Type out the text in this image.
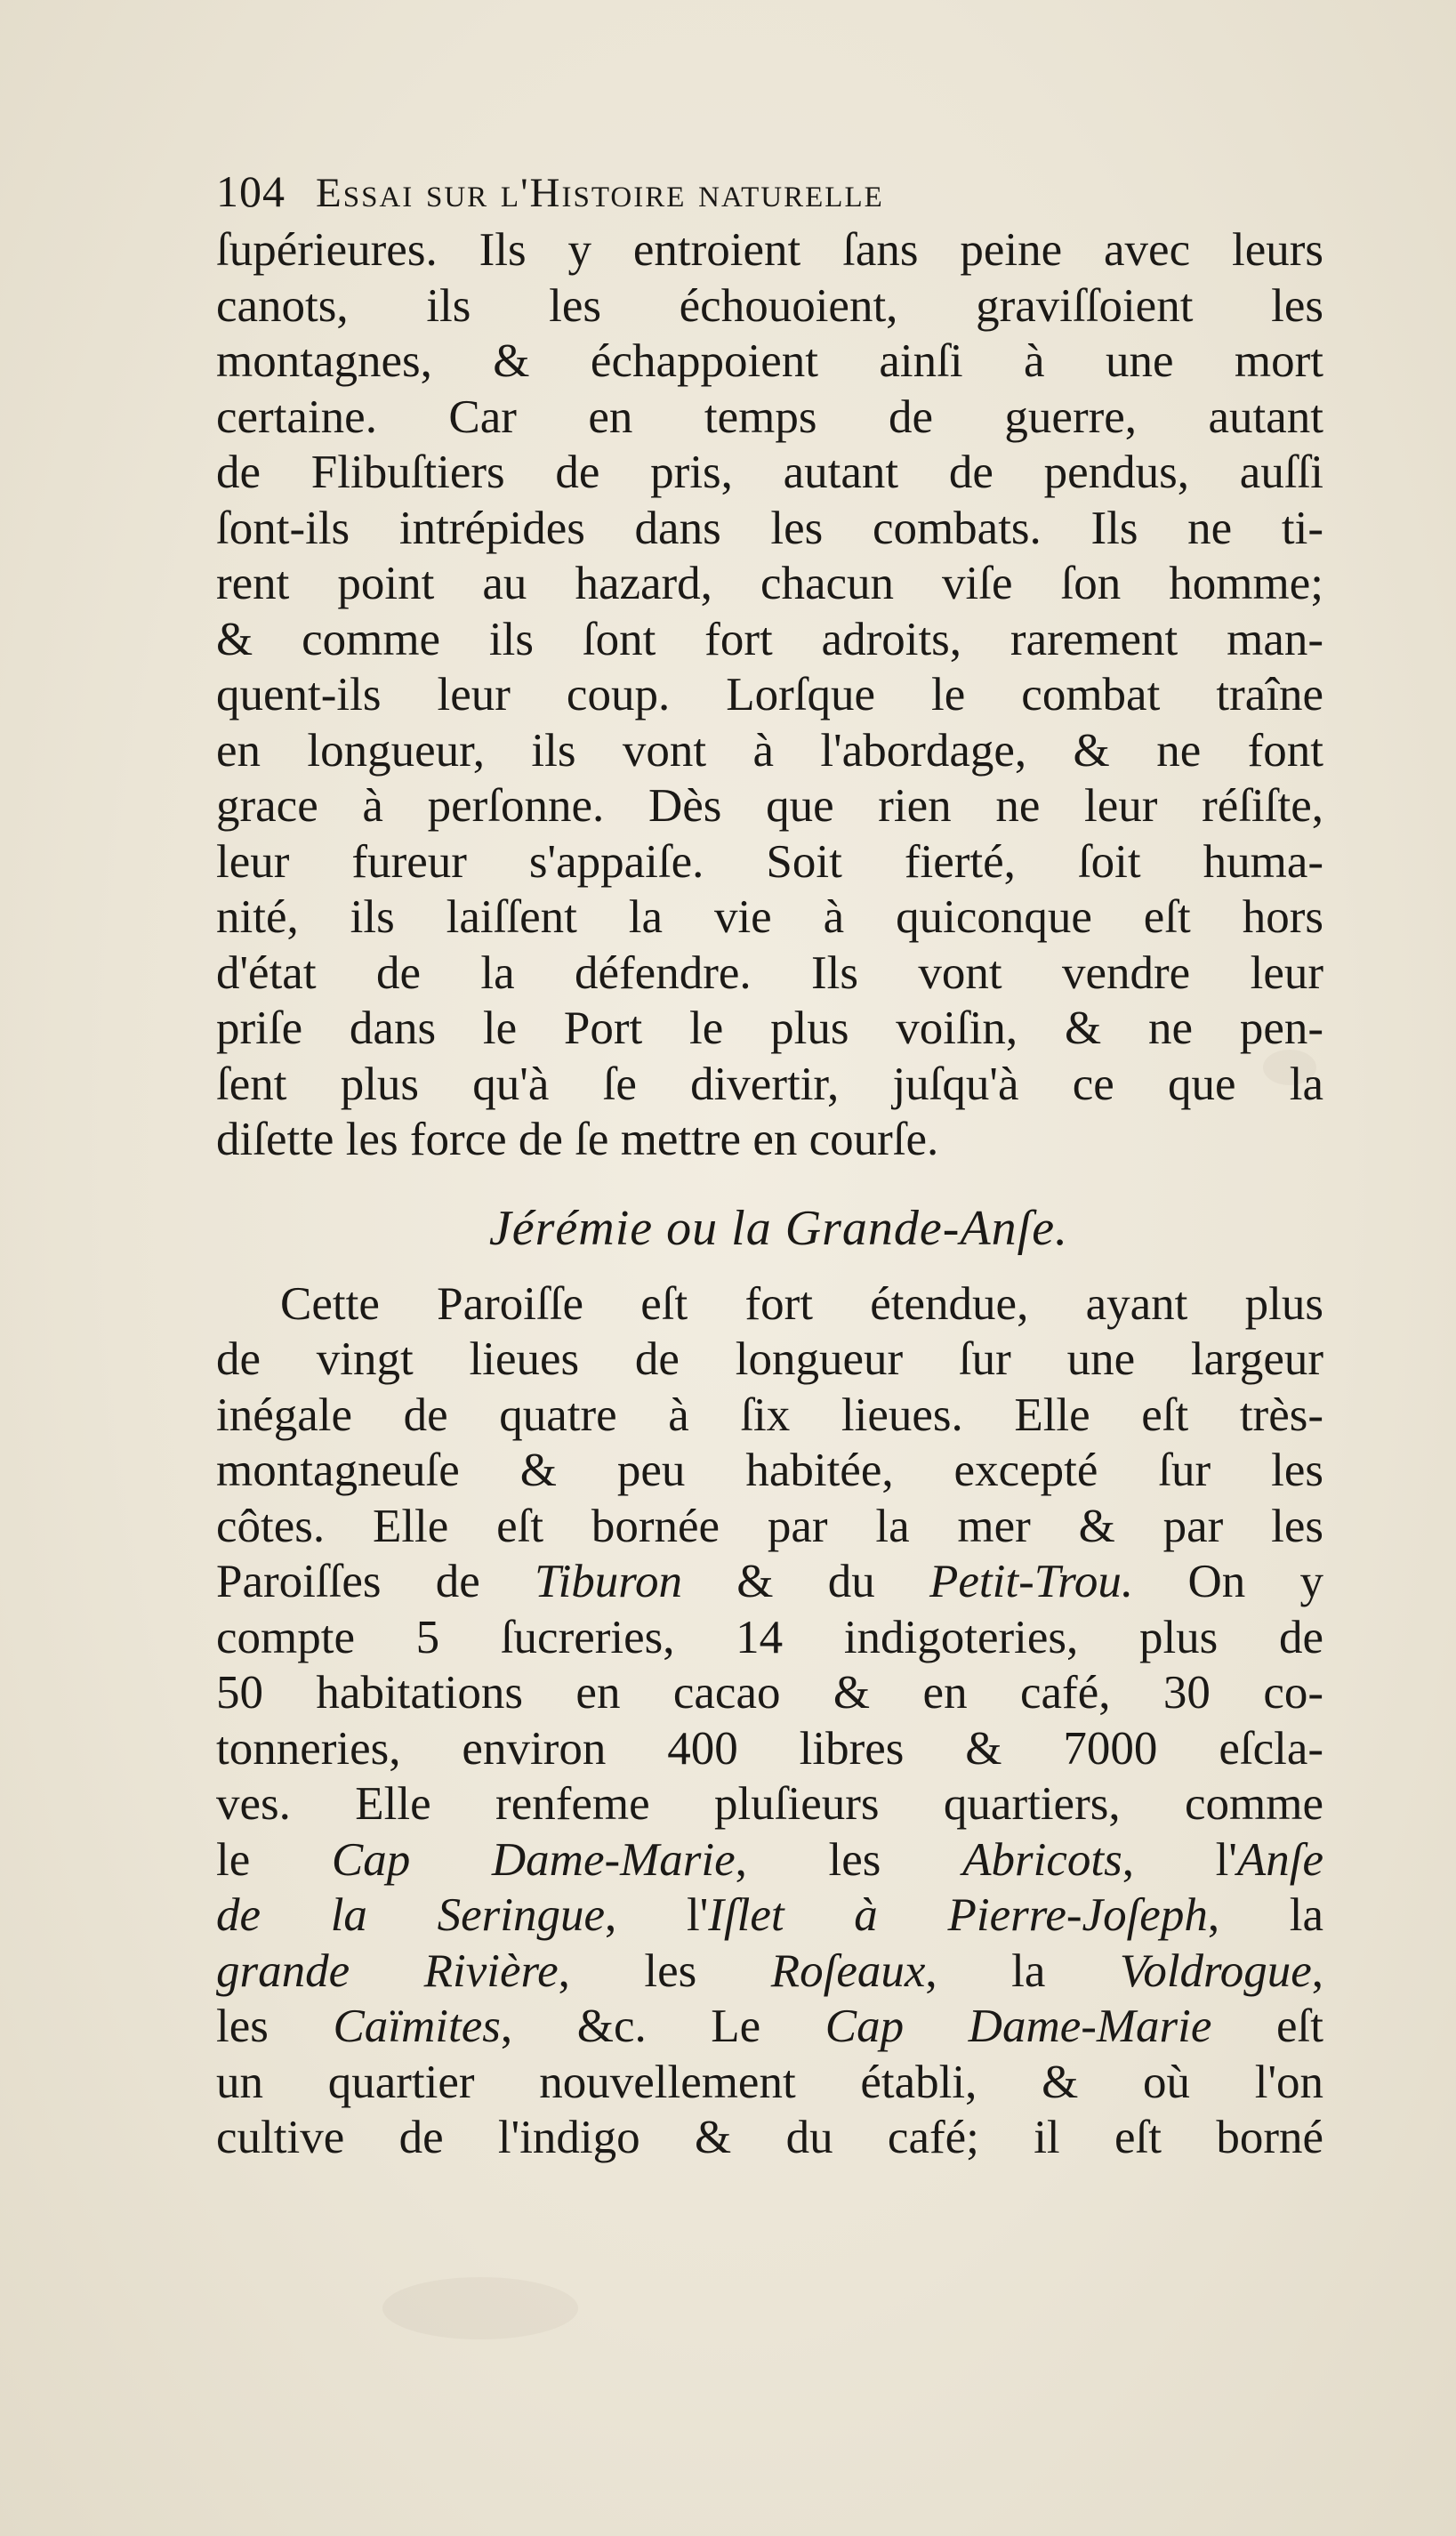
104 Essai sur l'Histoire naturelle
ſupérieures. Ils y entroient ſans peine avec leurs
canots, ils les échouoient, graviſſoient les
montagnes, & échappoient ainſi à une mort
certaine. Car en temps de guerre, autant
de Flibuſtiers de pris, autant de pendus, auſſi
ſont-ils intrépides dans les combats. Ils ne ti-
rent point au hazard, chacun viſe ſon homme;
& comme ils ſont fort adroits, rarement man-
quent-ils leur coup. Lorſque le combat traîne
en longueur, ils vont à l'abordage, & ne font
grace à perſonne. Dès que rien ne leur réſiſte,
leur fureur s'appaiſe. Soit fierté, ſoit huma-
nité, ils laiſſent la vie à quiconque eſt hors
d'état de la défendre. Ils vont vendre leur
priſe dans le Port le plus voiſin, & ne pen-
ſent plus qu'à ſe divertir, juſqu'à ce que la
diſette les force de ſe mettre en courſe.
Jérémie ou la Grande-Anſe.
Cette Paroiſſe eſt fort étendue, ayant plus
de vingt lieues de longueur ſur une largeur
inégale de quatre à ſix lieues. Elle eſt très-
montagneuſe & peu habitée, excepté ſur les
côtes. Elle eſt bornée par la mer & par les
Paroiſſes de Tiburon & du Petit-Trou. On y
compte 5 ſucreries, 14 indigoteries, plus de
50 habitations en cacao & en café, 30 co-
tonneries, environ 400 libres & 7000 eſcla-
ves. Elle renfeme pluſieurs quartiers, comme
le Cap Dame-Marie, les Abricots, l'Anſe
de la Seringue, l'Iſlet à Pierre-Joſeph, la
grande Rivière, les Roſeaux, la Voldrogue,
les Caïmites, &c. Le Cap Dame-Marie eſt
un quartier nouvellement établi, & où l'on
cultive de l'indigo & du café; il eſt borné
